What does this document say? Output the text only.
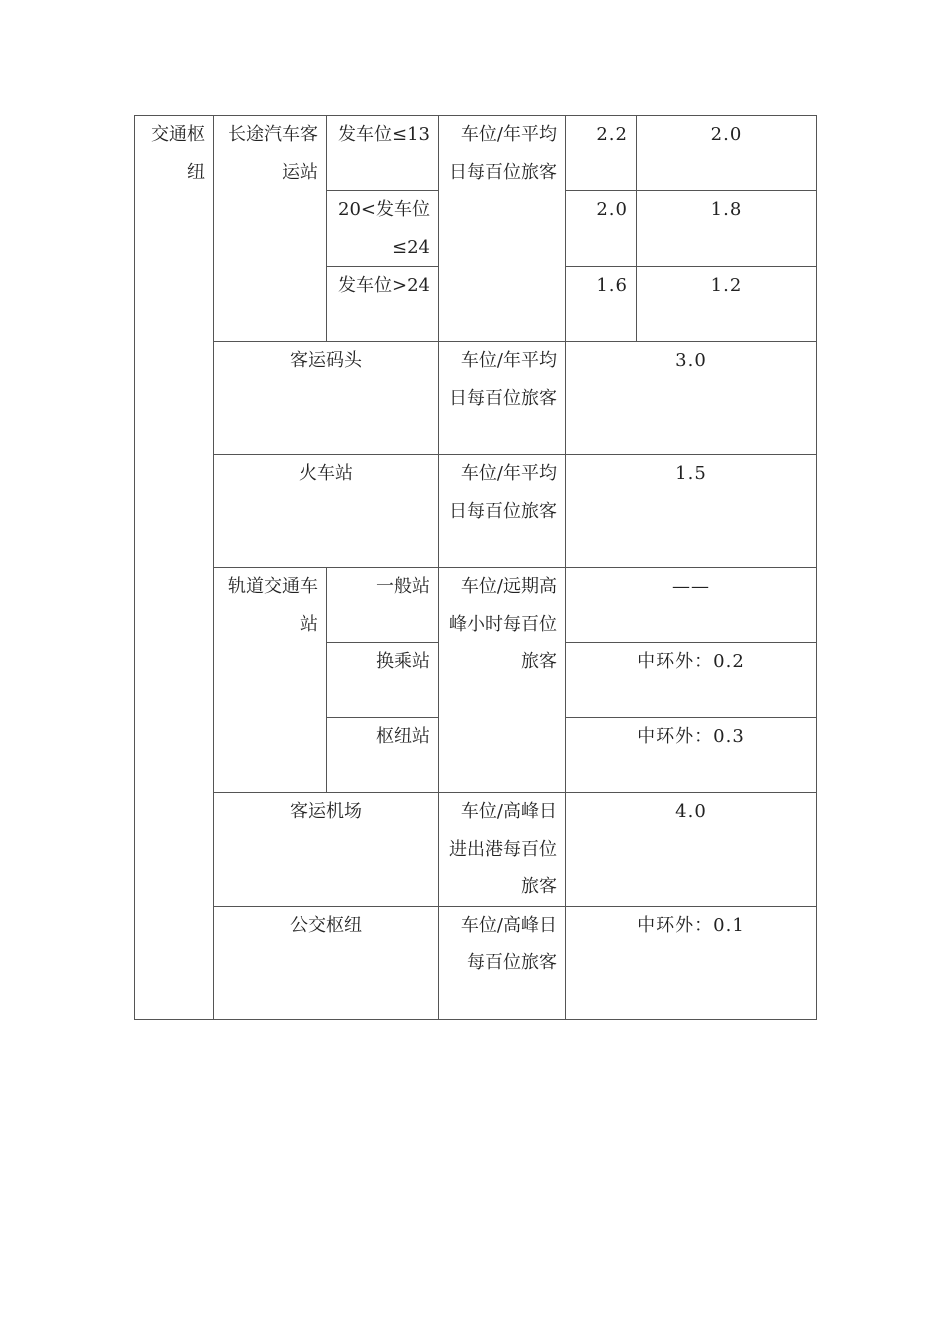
交通枢纽	长途汽车客运站	发车位≤13	车位/年平均日每百位旅客	2.2	2.0
		20<发车位≤24		2.0	1.8
		发车位>24		1.6	1.2
	客运码头		车位/年平均日每百位旅客	3.0	
	火车站		车位/年平均日每百位旅客	1.5	
	轨道交通车站	一般站	车位/远期高峰小时每百位旅客	——	
		换乘站		中环外：0.2	
		枢纽站		中环外：0.3	
	客运机场		车位/高峰日进出港每百位旅客	4.0	
	公交枢纽		车位/高峰日每百位旅客	中环外：0.1	
